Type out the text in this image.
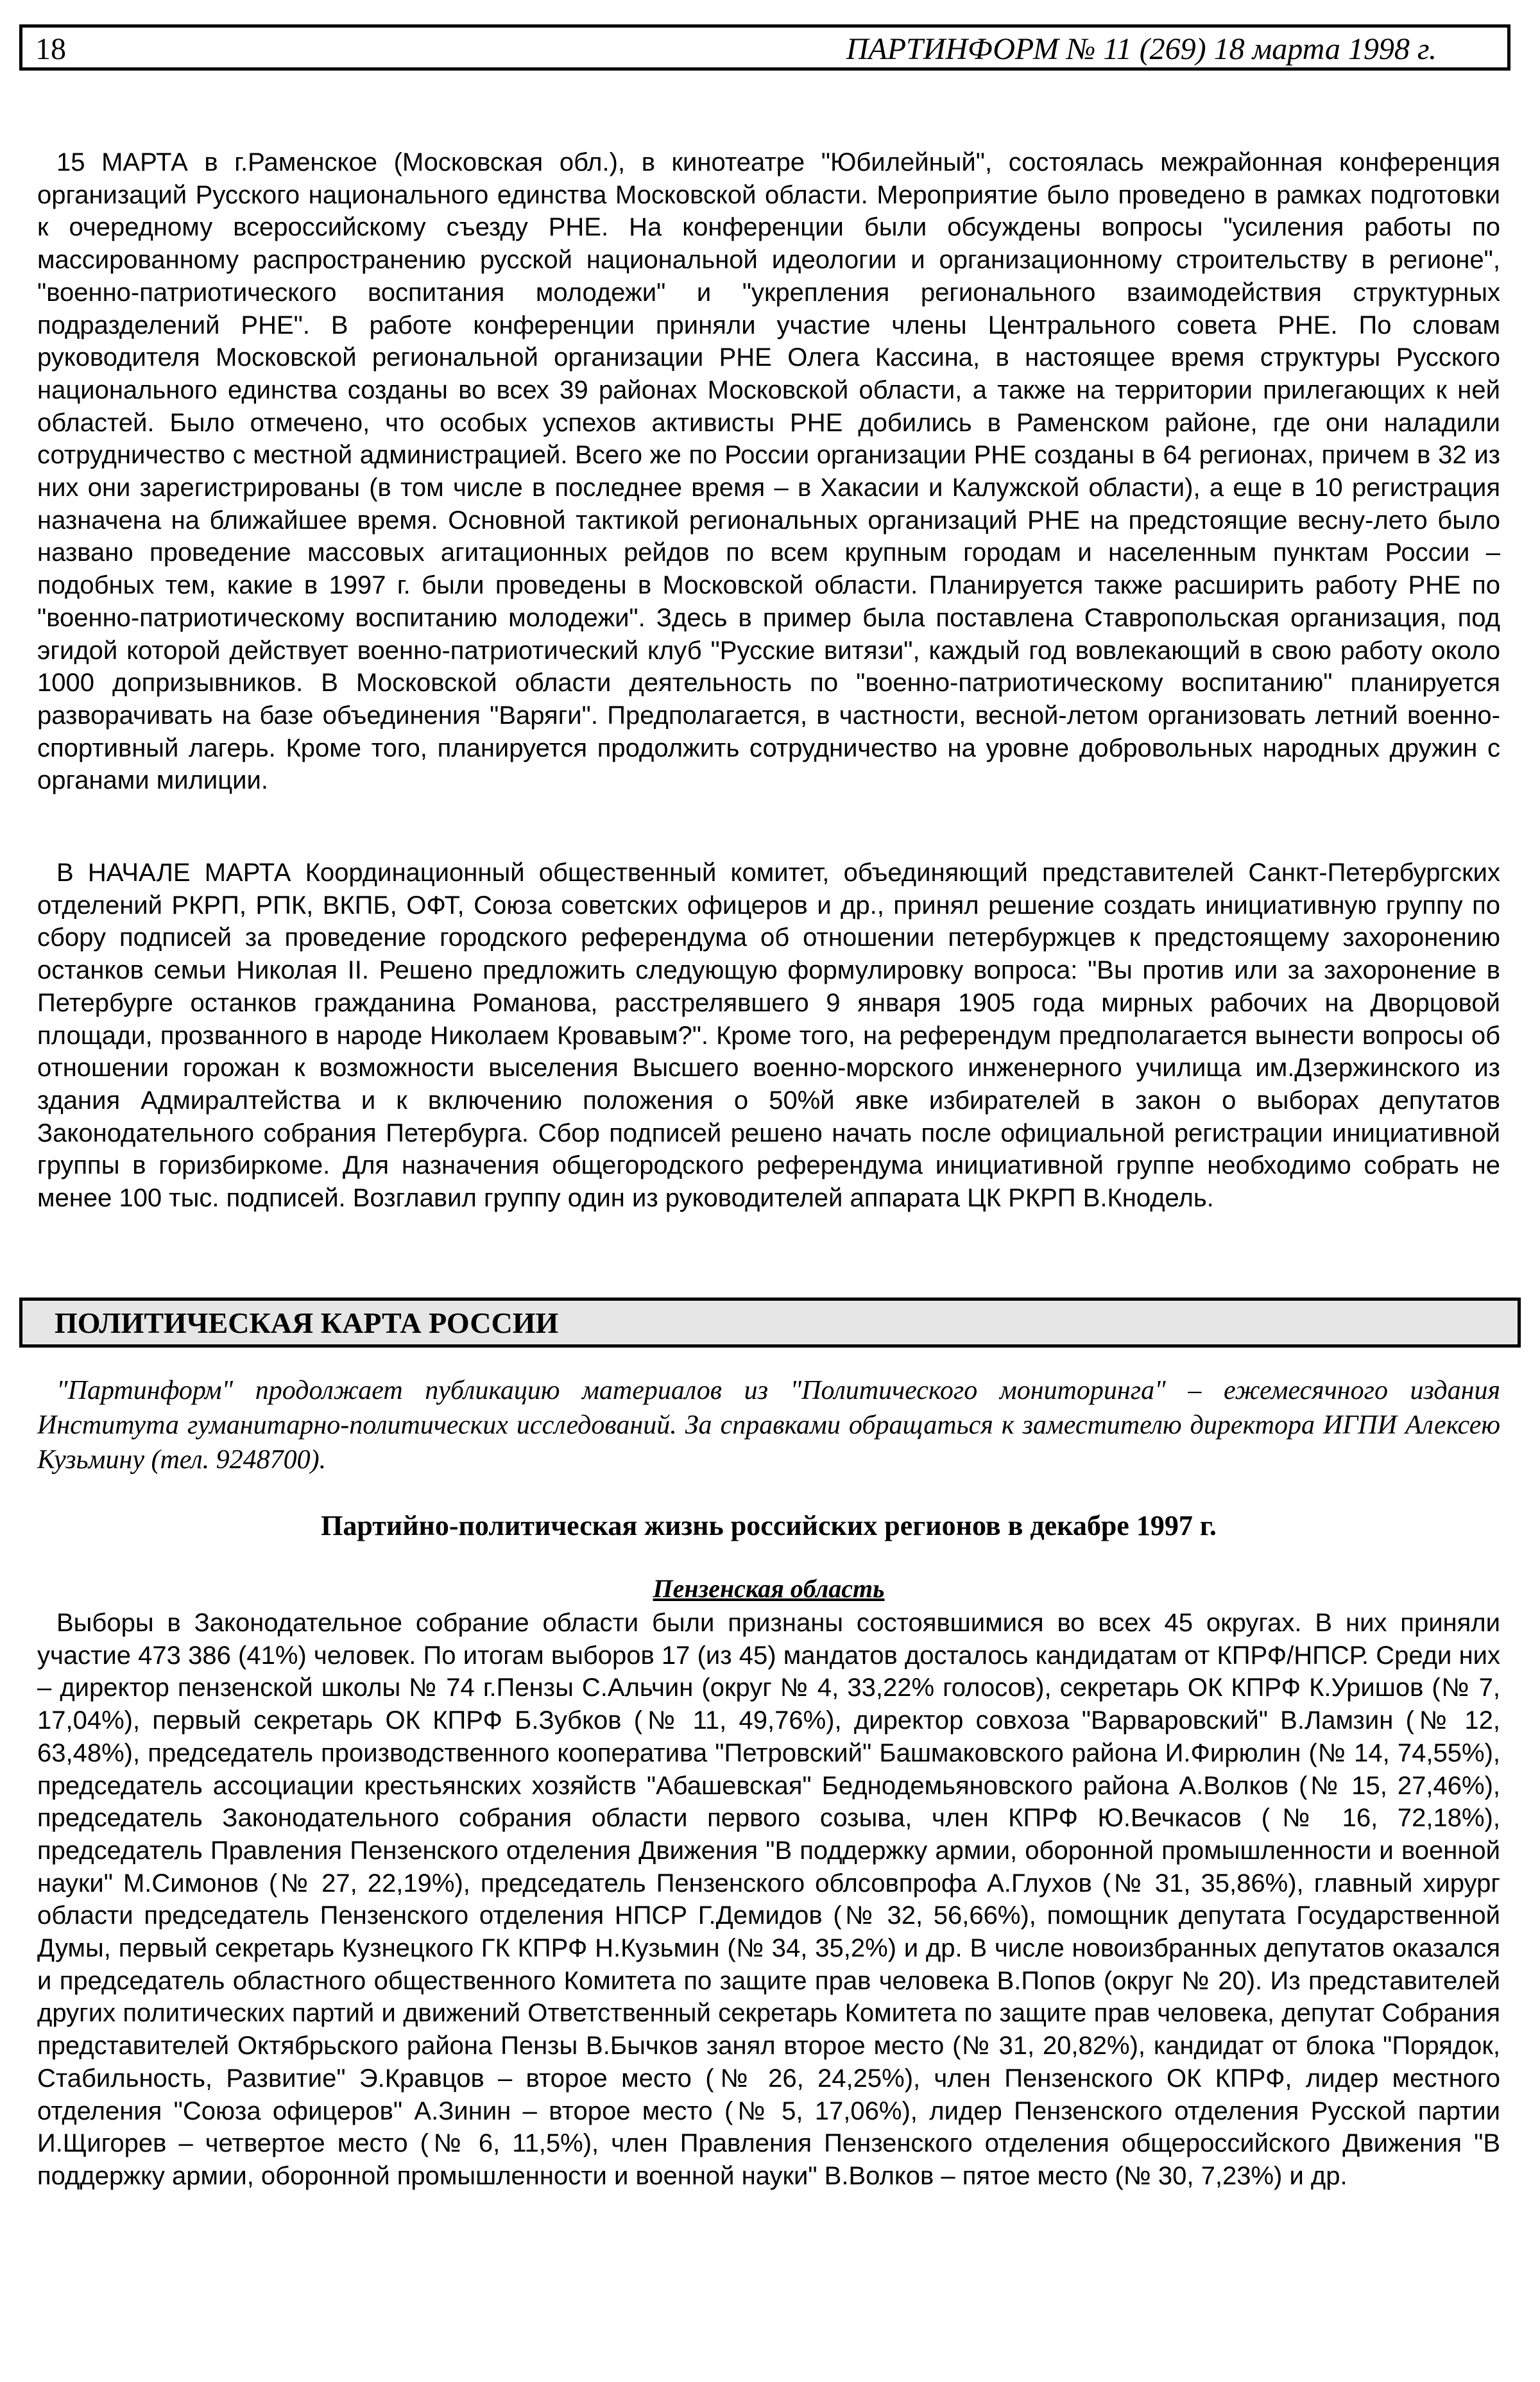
18	ПАРТИНФОРМ № 11 (269) 18 марта 1998 г.

15 МАРТА в г.Раменское (Московская обл.), в кинотеатре "Юбилейный", состоялась межрайонная конференция организаций Русского национального единства Московской области. Мероприятие было проведено в рамках подготовки к очередному всероссийскому съезду РНЕ. На конференции были обсуждены вопросы "усиления работы по массированному распространению русской национальной идеологии и организационному строительству в регионе", "военно-патриотического воспитания молодежи" и "укрепления регионального взаимодействия структурных подразделений РНЕ". В работе конференции приняли участие члены Центрального совета РНЕ. По словам руководителя Московской региональной организации РНЕ Олега Кассина, в настоящее время структуры Русского национального единства созданы во всех 39 районах Московской области, а также на территории прилегающих к ней областей. Было отмечено, что особых успехов активисты РНЕ добились в Раменском районе, где они наладили сотрудничество с местной администрацией. Всего же по России организации РНЕ созданы в 64 регионах, причем в 32 из них они зарегистрированы (в том числе в последнее время – в Хакасии и Калужской области), а еще в 10 регистрация назначена на ближайшее время. Основной тактикой региональных организаций РНЕ на предстоящие весну-лето было названо проведение массовых агитационных рейдов по всем крупным городам и населенным пунктам России – подобных тем, какие в 1997 г. были проведены в Московской области. Планируется также расширить работу РНЕ по "военно-патриотическому воспитанию молодежи". Здесь в пример была поставлена Ставропольская организация, под эгидой которой действует военно-патриотический клуб "Русские витязи", каждый год вовлекающий в свою работу около 1000 допризывников. В Московской области деятельность по "военно-патриотическому воспитанию" планируется разворачивать на базе объединения "Варяги". Предполагается, в частности, весной-летом организовать летний военно-спортивный лагерь. Кроме того, планируется продолжить сотрудничество на уровне добровольных народных дружин с органами милиции.

В НАЧАЛЕ МАРТА Координационный общественный комитет, объединяющий представителей Санкт-Петербургских отделений РКРП, РПК, ВКПБ, ОФТ, Союза советских офицеров и др., принял решение создать инициативную группу по сбору подписей за проведение городского референдума об отношении петербуржцев к предстоящему захоронению останков семьи Николая II. Решено предложить следующую формулировку вопроса: "Вы против или за захоронение в Петербурге останков гражданина Романова, расстрелявшего 9 января 1905 года мирных рабочих на Дворцовой площади, прозванного в народе Николаем Кровавым?". Кроме того, на референдум предполагается вынести вопросы об отношении горожан к возможности выселения Высшего военно-морского инженерного училища им.Дзержинского из здания Адмиралтейства и к включению положения о 50%й явке избирателей в закон о выборах депутатов Законодательного собрания Петербурга. Сбор подписей решено начать после официальной регистрации инициативной группы в горизбиркоме. Для назначения общегородского референдума инициативной группе необходимо собрать не менее 100 тыс. подписей. Возглавил группу один из руководителей аппарата ЦК РКРП В.Кнодель.

ПОЛИТИЧЕСКАЯ КАРТА РОССИИ

"Партинформ" продолжает публикацию материалов из "Политического мониторинга" – ежемесячного издания Института гуманитарно-политических исследований. За справками обращаться к заместителю директора ИГПИ Алексею Кузьмину (тел. 9248700).

Партийно-политическая жизнь российских регионов в декабре 1997 г.

Пензенская область

Выборы в Законодательное собрание области были признаны состоявшимися во всех 45 округах. В них приняли участие 473 386 (41%) человек. По итогам выборов 17 (из 45) мандатов досталось кандидатам от КПРФ/НПСР. Среди них – директор пензенской школы № 74 г.Пензы С.Альчин (округ № 4, 33,22% голосов), секретарь ОК КПРФ К.Уришов (№ 7, 17,04%), первый секретарь ОК КПРФ Б.Зубков (№ 11, 49,76%), директор совхоза "Варваровский" В.Ламзин (№ 12, 63,48%), председатель производственного кооператива "Петровский" Башмаковского района И.Фирюлин (№ 14, 74,55%), председатель ассоциации крестьянских хозяйств "Абашевская" Беднодемьяновского района А.Волков (№ 15, 27,46%), председатель Законодательного собрания области первого созыва, член КПРФ Ю.Вечкасов (№ 16, 72,18%), председатель Правления Пензенского отделения Движения "В поддержку армии, оборонной промышленности и военной науки" М.Симонов (№ 27, 22,19%), председатель Пензенского облсовпрофа А.Глухов (№ 31, 35,86%), главный хирург области председатель Пензенского отделения НПСР Г.Демидов (№ 32, 56,66%), помощник депутата Государственной Думы, первый секретарь Кузнецкого ГК КПРФ Н.Кузьмин (№ 34, 35,2%) и др. В числе новоизбранных депутатов оказался и председатель областного общественного Комитета по защите прав человека В.Попов (округ № 20). Из представителей других политических партий и движений Ответственный секретарь Комитета по защите прав человека, депутат Собрания представителей Октябрьского района Пензы В.Бычков занял второе место (№ 31, 20,82%), кандидат от блока "Порядок, Стабильность, Развитие" Э.Кравцов – второе место (№ 26, 24,25%), член Пензенского ОК КПРФ, лидер местного отделения "Союза офицеров" А.Зинин – второе место (№ 5, 17,06%), лидер Пензенского отделения Русской партии И.Щигорев – четвертое место (№ 6, 11,5%), член Правления Пензенского отделения общероссийского Движения "В поддержку армии, оборонной промышленности и военной науки" В.Волков – пятое место (№ 30, 7,23%) и др.
